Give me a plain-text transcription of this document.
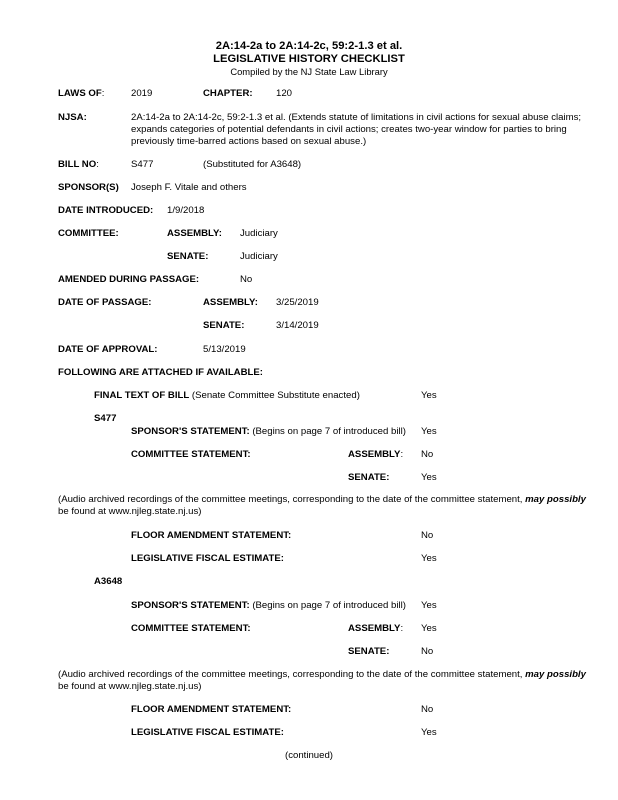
2A:14-2a to 2A:14-2c, 59:2-1.3 et al.
LEGISLATIVE HISTORY CHECKLIST
Compiled by the NJ State Law Library
LAWS OF:	2019	CHAPTER: 120
NJSA:	2A:14-2a to 2A:14-2c, 59:2-1.3 et al. (Extends statute of limitations in civil actions for sexual abuse claims; expands categories of potential defendants in civil actions; creates two-year window for parties to bring previously time-barred actions based on sexual abuse.)
BILL NO:	S477	(Substituted for A3648)
SPONSOR(S) Joseph F. Vitale and others
DATE INTRODUCED: 1/9/2018
COMMITTEE:	ASSEMBLY: Judiciary
SENATE:	Judiciary
AMENDED DURING PASSAGE:	No
DATE OF PASSAGE:	ASSEMBLY: 3/25/2019
SENATE:	3/14/2019
DATE OF APPROVAL:	5/13/2019
FOLLOWING ARE ATTACHED IF AVAILABLE:
FINAL TEXT OF BILL (Senate Committee Substitute enacted)	Yes
S477
SPONSOR'S STATEMENT: (Begins on page 7 of introduced bill) Yes
COMMITTEE STATEMENT:	ASSEMBLY: No
SENATE:	Yes
(Audio archived recordings of the committee meetings, corresponding to the date of the committee statement, may possibly
be found at www.njleg.state.nj.us)
FLOOR AMENDMENT STATEMENT:	No
LEGISLATIVE FISCAL ESTIMATE:	Yes
A3648
SPONSOR'S STATEMENT: (Begins on page 7 of introduced bill) Yes
COMMITTEE STATEMENT:	ASSEMBLY: Yes
SENATE:	No
(Audio archived recordings of the committee meetings, corresponding to the date of the committee statement, may possibly
be found at www.njleg.state.nj.us)
FLOOR AMENDMENT STATEMENT:	No
LEGISLATIVE FISCAL ESTIMATE:	Yes
(continued)
